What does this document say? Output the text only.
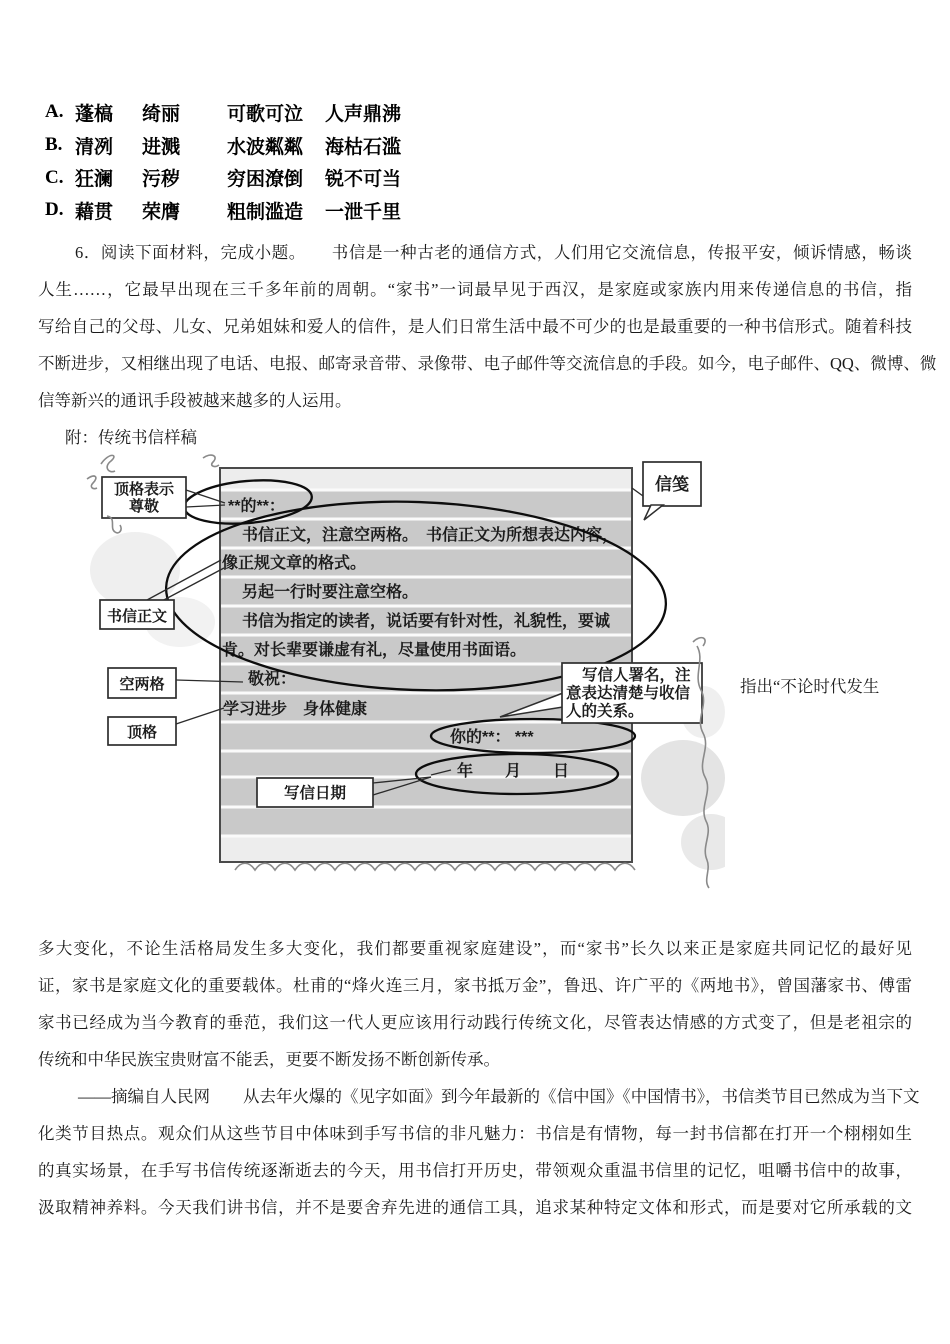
A. 蓬槁	绮丽	可歌可泣	人声鼎沸
B. 清冽	进溅	水波粼粼	海枯石滥
C. 狂澜	污秽	穷困潦倒	锐不可当
D. 藉贯	荣膺	粗制滥造	一泄千里
6．阅读下面材料，完成小题。　　书信是一种古老的通信方式，人们用它交流信息，传报平安，倾诉情感，畅谈
人生……，它最早出现在三千多年前的周朝。“家书”一词最早见于西汉，是家庭或家族内用来传递信息的书信，指
写给自己的父母、儿女、兄弟姐妹和爱人的信件，是人们日常生活中最不可少的也是最重要的一种书信形式。随着科技
不断进步，又相继出现了电话、电报、邮寄录音带、录像带、电子邮件等交流信息的手段。如今，电子邮件、QQ、微博、微
信等新兴的通讯手段被越来越多的人运用。
附：传统书信样稿
**的**：
书信正文，注意空两格。　书信正文为所想表达内容，
像正规文章的格式。
另起一行时要注意空格。
书信为指定的读者，说话要有针对性，礼貌性，要诚
肯。对长辈要谦虚有礼，尽量使用书面语。
敬祝：
学习进步　身体健康
你的**： ***
年　　月　　日
信笺
顶格表示
尊敬
书信正文
空两格
顶格
写信人署名，注
意表达清楚与收信
人的关系。
写信日期
指出“不论时代发生
多大变化，不论生活格局发生多大变化，我们都要重视家庭建设”，而“家书”长久以来正是家庭共同记忆的最好见
证，家书是家庭文化的重要载体。杜甫的“烽火连三月，家书抵万金”，鲁迅、许广平的《两地书》，曾国藩家书、傅雷
家书已经成为当今教育的垂范，我们这一代人更应该用行动践行传统文化，尽管表达情感的方式变了，但是老祖宗的
传统和中华民族宝贵财富不能丢，更要不断发扬不断创新传承。
——摘编自人民网　　从去年火爆的《见字如面》到今年最新的《信中国》《中国情书》，书信类节目已然成为当下文
化类节目热点。观众们从这些节目中体味到手写书信的非凡魅力：书信是有情物，每一封书信都在打开一个栩栩如生
的真实场景，在手写书信传统逐渐逝去的今天，用书信打开历史，带领观众重温书信里的记忆，咀嚼书信中的故事，
汲取精神养料。今天我们讲书信，并不是要舍弃先进的通信工具，追求某种特定文体和形式，而是要对它所承载的文
